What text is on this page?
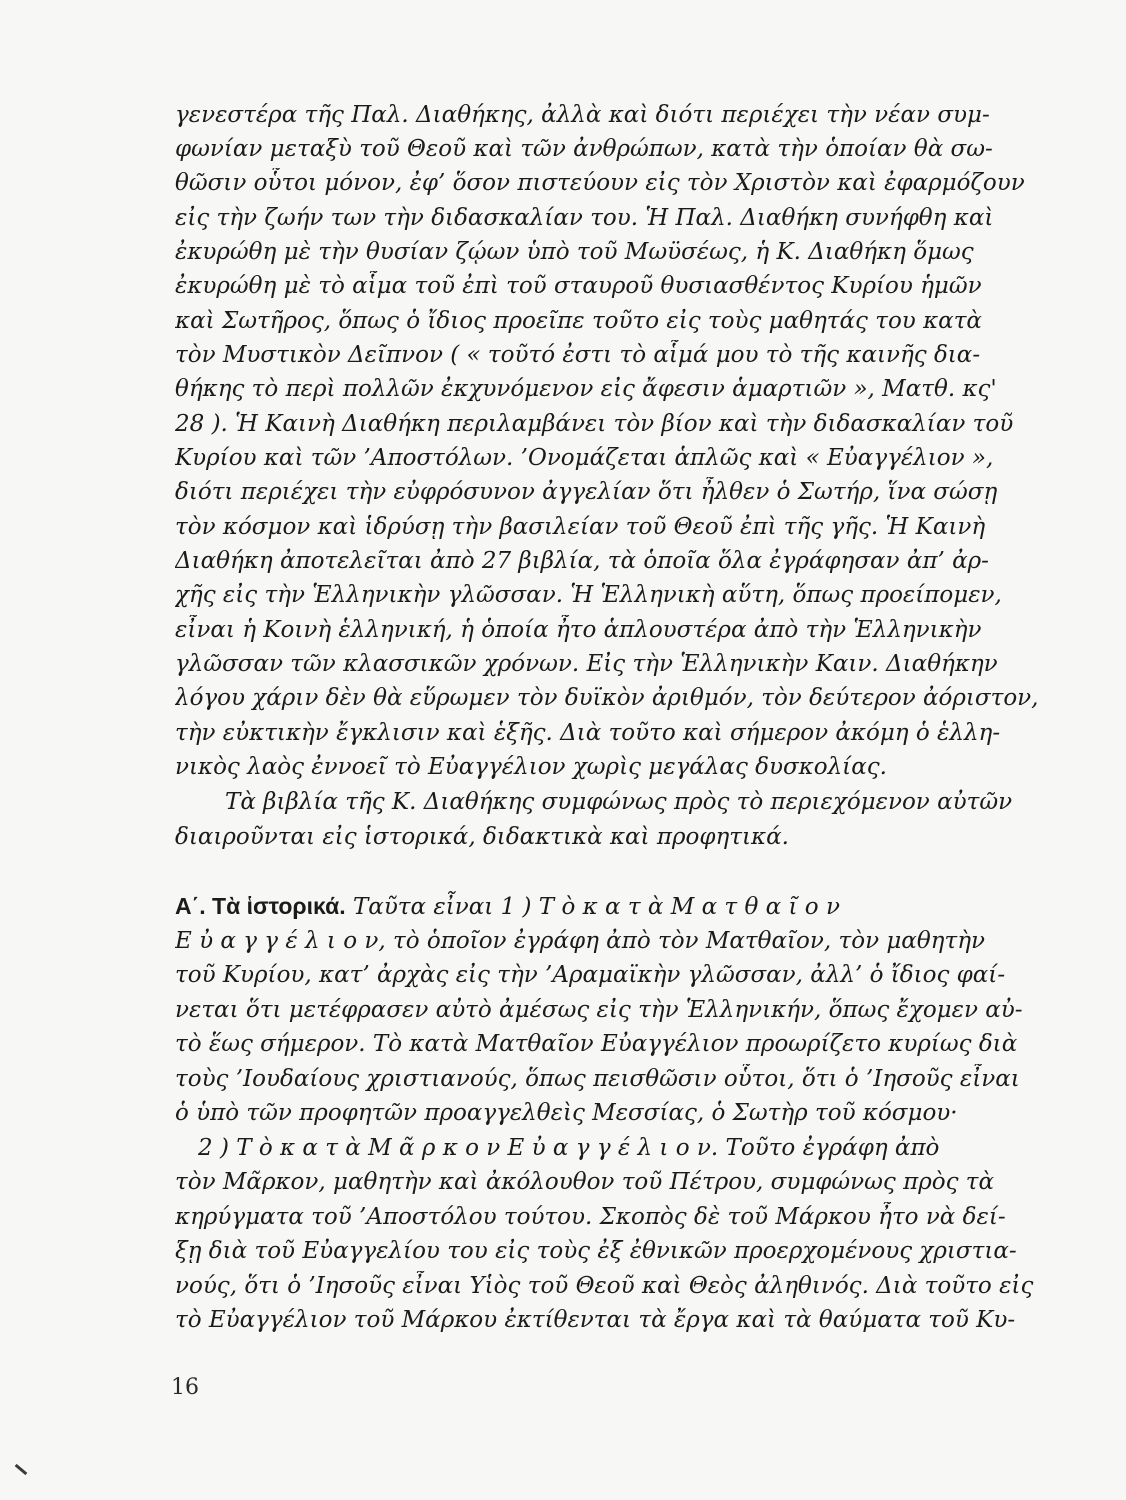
γενεστέρα τῆς Παλ. Διαθήκης, ἀλλὰ καὶ διότι περιέχει τὴν νέαν συμ-
φωνίαν μεταξὺ τοῦ Θεοῦ καὶ τῶν ἀνθρώπων, κατὰ τὴν ὁποίαν θὰ σω-
θῶσιν οὗτοι μόνον, ἐφ’ ὅσον πιστεύουν εἰς τὸν Χριστὸν καὶ ἐφαρμόζουν
εἰς τὴν ζωήν των τὴν διδασκαλίαν του. Ἡ Παλ. Διαθήκη συνήφθη καὶ
ἐκυρώθη μὲ τὴν θυσίαν ζῴων ὑπὸ τοῦ Μωϋσέως, ἡ Κ. Διαθήκη ὅμως
ἐκυρώθη μὲ τὸ αἷμα τοῦ ἐπὶ τοῦ σταυροῦ θυσιασθέντος Κυρίου ἡμῶν
καὶ Σωτῆρος, ὅπως ὁ ἴδιος προεῖπε τοῦτο εἰς τοὺς μαθητάς του κατὰ
τὸν Μυστικὸν Δεῖπνον ( « τοῦτό ἐστι τὸ αἷμά μου τὸ τῆς καινῆς δια-
θήκης τὸ περὶ πολλῶν ἐκχυνόμενον εἰς ἄφεσιν ἁμαρτιῶν », Ματθ. κς'
28 ). Ἡ Καινὴ Διαθήκη περιλαμβάνει τὸν βίον καὶ τὴν διδασκαλίαν τοῦ
Κυρίου καὶ τῶν ’Αποστόλων. ’Ονομάζεται ἁπλῶς καὶ « Εὐαγγέλιον »,
διότι περιέχει τὴν εὐφρόσυνον ἀγγελίαν ὅτι ἦλθεν ὁ Σωτήρ, ἵνα σώσῃ
τὸν κόσμον καὶ ἱδρύσῃ τὴν βασιλείαν τοῦ Θεοῦ ἐπὶ τῆς γῆς. Ἡ Καινὴ
Διαθήκη ἀποτελεῖται ἀπὸ 27 βιβλία, τὰ ὁποῖα ὅλα ἐγράφησαν ἀπ’ ἀρ-
χῆς εἰς τὴν Ἑλληνικὴν γλῶσσαν. Ἡ Ἑλληνικὴ αὕτη, ὅπως προείπομεν,
εἶναι ἡ Κοινὴ ἑλληνική, ἡ ὁποία ἦτο ἁπλουστέρα ἀπὸ τὴν Ἑλληνικὴν
γλῶσσαν τῶν κλασσικῶν χρόνων. Εἰς τὴν Ἑλληνικὴν Καιν. Διαθήκην
λόγου χάριν δὲν θὰ εὕρωμεν τὸν δυϊκὸν ἀριθμόν, τὸν δεύτερον ἀόριστον,
τὴν εὐκτικὴν ἔγκλισιν καὶ ἑξῆς. Διὰ τοῦτο καὶ σήμερον ἀκόμη ὁ ἑλλη-
νικὸς λαὸς ἐννοεῖ τὸ Εὐαγγέλιον χωρὶς μεγάλας δυσκολίας.
Τὰ βιβλία τῆς Κ. Διαθήκης συμφώνως πρὸς τὸ περιεχόμενον αὐτῶν
διαιροῦνται εἰς ἱστορικά, διδακτικὰ καὶ προφητικά.
Α΄. Τὰ ἱστορικά. Ταῦτα εἶναι 1 ) Τ ὸ κ α τ ὰ Μ α τ θ α ῖ ο ν
Ε ὐ α γ γ έ λ ι ο ν, τὸ ὁποῖον ἐγράφη ἀπὸ τὸν Ματθαῖον, τὸν μαθητὴν
τοῦ Κυρίου, κατ’ ἀρχὰς εἰς τὴν ’Αραμαϊκὴν γλῶσσαν, ἀλλ’ ὁ ἴδιος φαί-
νεται ὅτι μετέφρασεν αὐτὸ ἀμέσως εἰς τὴν Ἑλληνικήν, ὅπως ἔχομεν αὐ-
τὸ ἕως σήμερον. Τὸ κατὰ Ματθαῖον Εὐαγγέλιον προωρίζετο κυρίως διὰ
τοὺς ’Ιουδαίους χριστιανούς, ὅπως πεισθῶσιν οὗτοι, ὅτι ὁ ’Ιησοῦς εἶναι
ὁ ὑπὸ τῶν προφητῶν προαγγελθεὶς Μεσσίας, ὁ Σωτὴρ τοῦ κόσμου·
2 ) Τ ὸ κ α τ ὰ Μ ᾶ ρ κ ο ν Ε ὐ α γ γ έ λ ι ο ν. Τοῦτο ἐγράφη ἀπὸ
τὸν Μᾶρκον, μαθητὴν καὶ ἀκόλουθον τοῦ Πέτρου, συμφώνως πρὸς τὰ
κηρύγματα τοῦ ’Αποστόλου τούτου. Σκοπὸς δὲ τοῦ Μάρκου ἦτο νὰ δεί-
ξῃ διὰ τοῦ Εὐαγγελίου του εἰς τοὺς ἐξ ἐθνικῶν προερχομένους χριστια-
νούς, ὅτι ὁ ’Ιησοῦς εἶναι Υἱὸς τοῦ Θεοῦ καὶ Θεὸς ἀληθινός. Διὰ τοῦτο εἰς
τὸ Εὐαγγέλιον τοῦ Μάρκου ἐκτίθενται τὰ ἔργα καὶ τὰ θαύματα τοῦ Κυ-
16
